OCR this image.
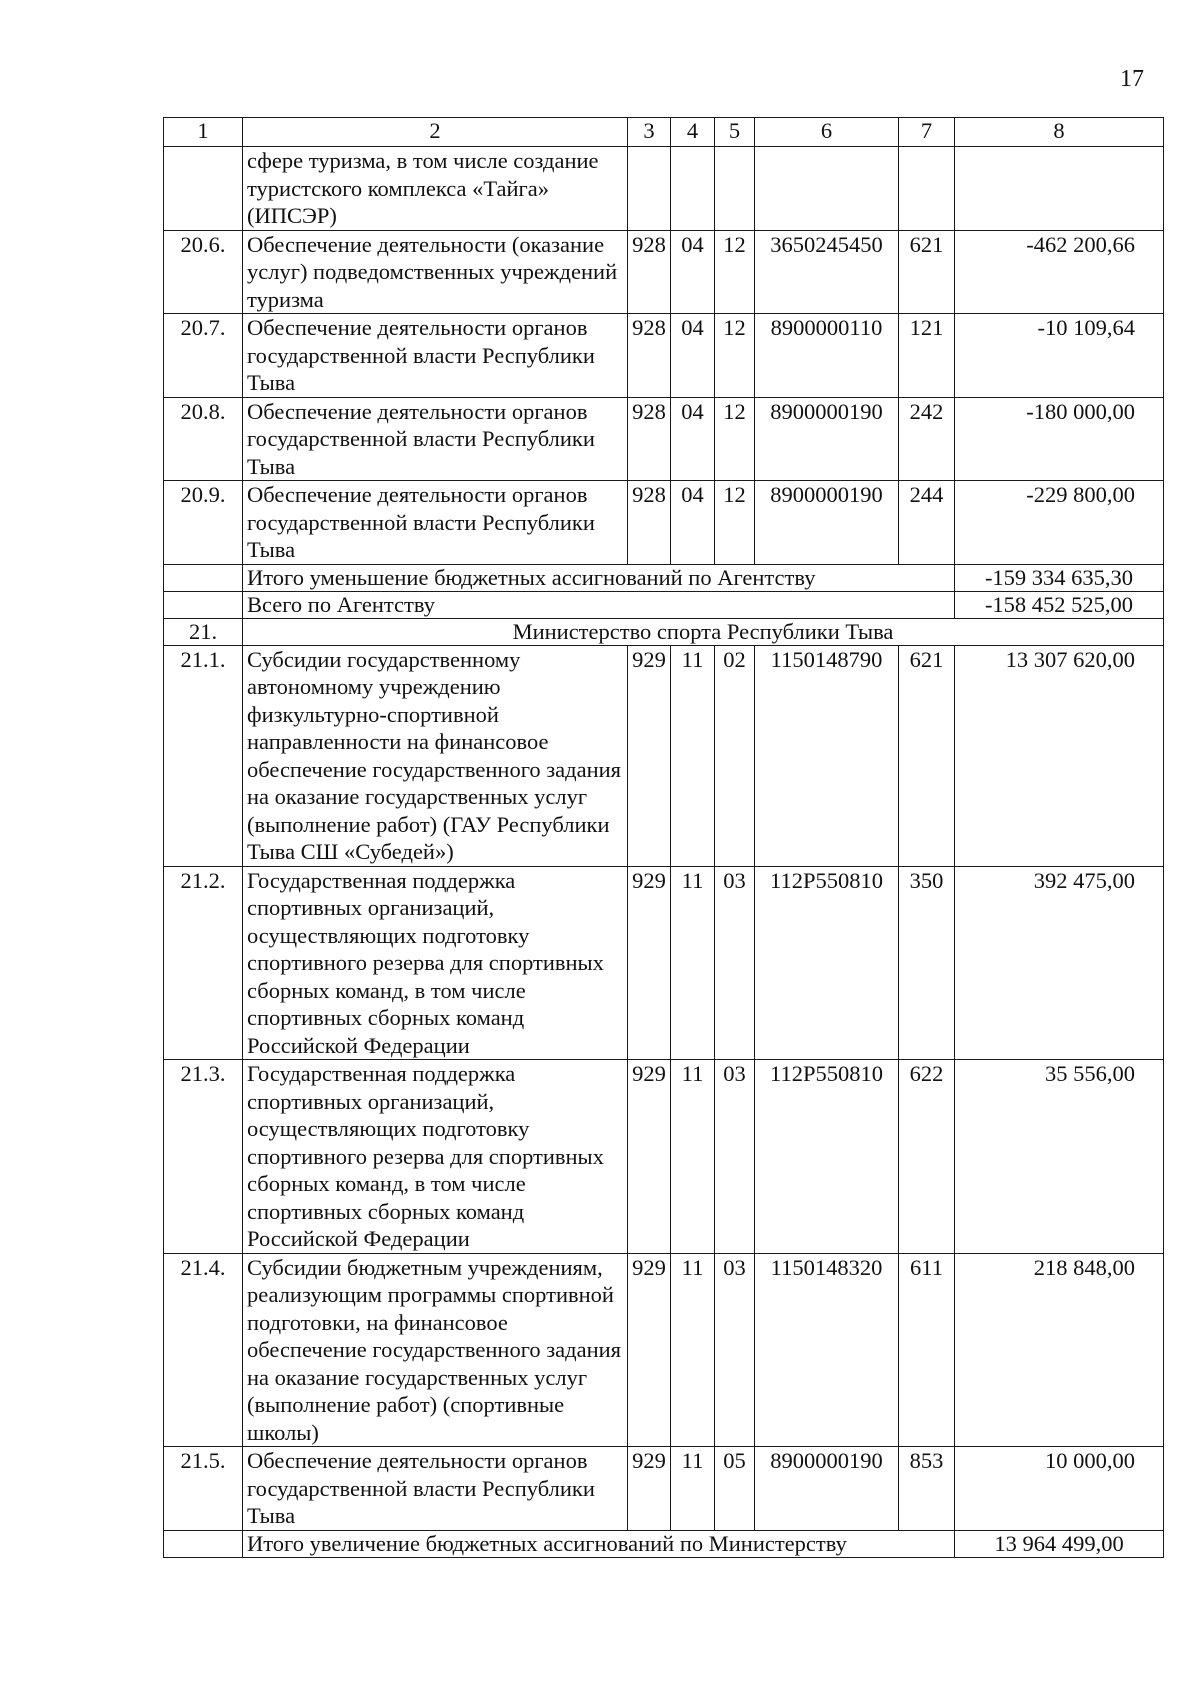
17
1	2	3	4	5	6	7	8
	сфере туризма, в том числе создание туристского комплекса «Тайга» (ИПСЭР)						
20.6.	Обеспечение деятельности (оказание услуг) подведомственных учреждений туризма	928	04	12	3650245450	621	-462 200,66
20.7.	Обеспечение деятельности органов государственной власти Республики Тыва	928	04	12	8900000110	121	-10 109,64
20.8.	Обеспечение деятельности органов государственной власти Республики Тыва	928	04	12	8900000190	242	-180 000,00
20.9.	Обеспечение деятельности органов государственной власти Республики Тыва	928	04	12	8900000190	244	-229 800,00
	Итого уменьшение бюджетных ассигнований по Агентству						-159 334 635,30
	Всего по Агентству						-158 452 525,00
21.	Министерство спорта Республики Тыва						
21.1.	Субсидии государственному автономному учреждению физкультурно-спортивной направленности на финансовое обеспечение государственного задания на оказание государственных услуг (выполнение работ) (ГАУ Республики Тыва СШ «Субедей»)	929	11	02	1150148790	621	13 307 620,00
21.2.	Государственная поддержка спортивных организаций, осуществляющих подготовку спортивного резерва для спортивных сборных команд, в том числе спортивных сборных команд Российской Федерации	929	11	03	112P550810	350	392 475,00
21.3.	Государственная поддержка спортивных организаций, осуществляющих подготовку спортивного резерва для спортивных сборных команд, в том числе спортивных сборных команд Российской Федерации	929	11	03	112P550810	622	35 556,00
21.4.	Субсидии бюджетным учреждениям, реализующим программы спортивной подготовки, на финансовое обеспечение государственного задания на оказание государственных услуг (выполнение работ) (спортивные школы)	929	11	03	1150148320	611	218 848,00
21.5.	Обеспечение деятельности органов государственной власти Республики Тыва	929	11	05	8900000190	853	10 000,00
	Итого увеличение бюджетных ассигнований по Министерству						13 964 499,00
